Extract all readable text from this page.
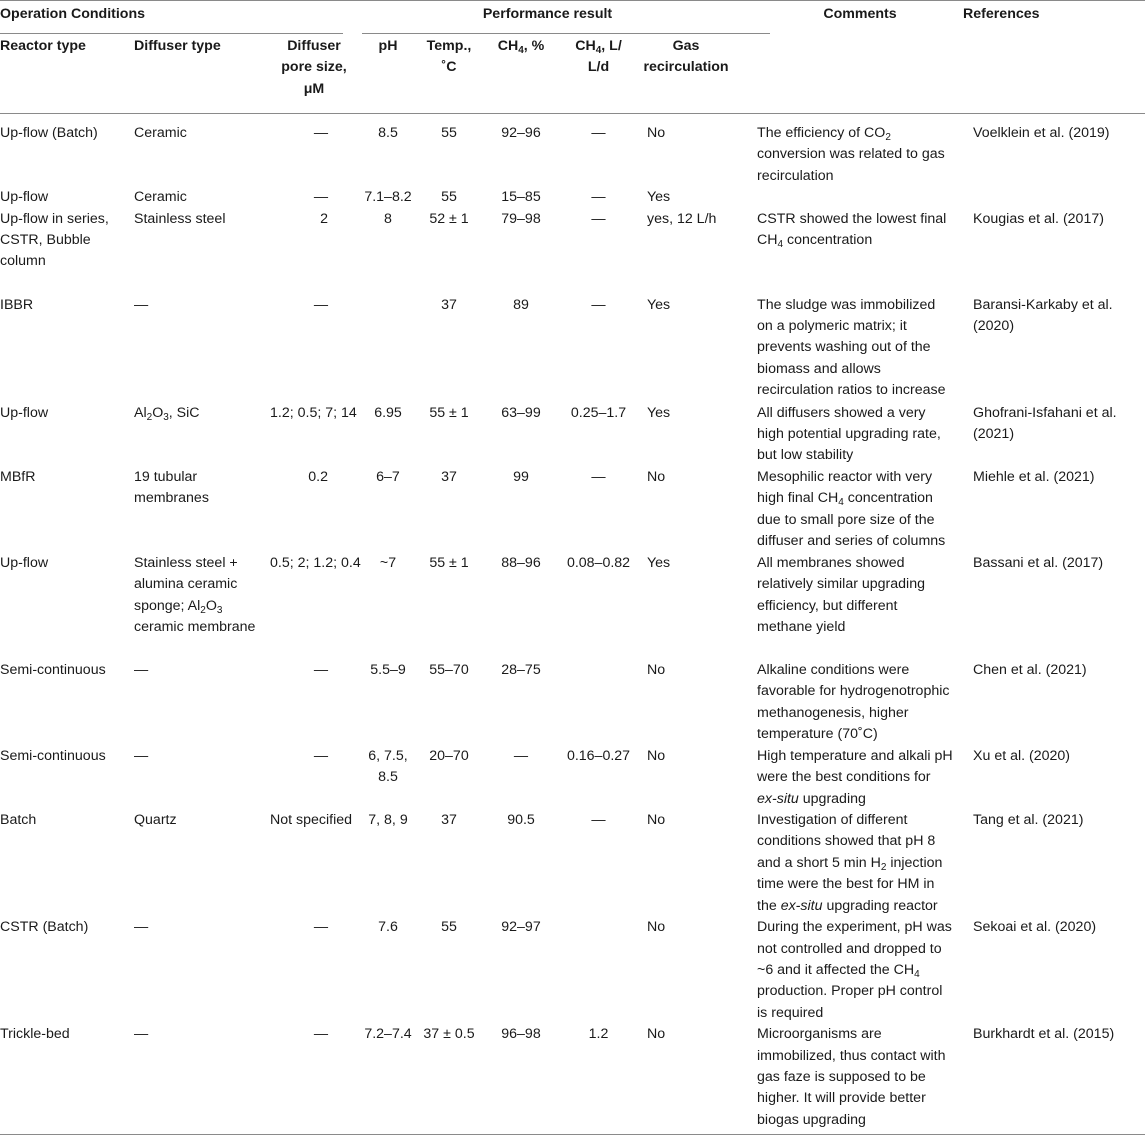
Operation Conditions			Performance result						Comments	References
Reactor type	Diffuser type	Diffuser pore size, μM	pH	Temp., ˚C	$CH_4$, %	$CH_4$, L/ L/d	Gas recirculation			
Up-flow (Batch)	Ceramic	—	8.5	55	92–96	—	No		The efficiency of $CO_2$ conversion was related to gas recirculation	Voelklein et al. (2019)
Up-flow	Ceramic	—	7.1–8.2	55	15–85	—	Yes			
Up-flow in series, CSTR, Bubble column	Stainless steel	2	8	52 ± 1	79–98	—	yes, 12 L/h		CSTR showed the lowest final $CH_4$ concentration	Kougias et al. (2017)
IBBR	—	—		37	89	—	Yes		The sludge was immobilized on a polymeric matrix; it prevents washing out of the biomass and allows recirculation ratios to increase	Baransi-Karkaby et al. (2020)
Up-flow	$Al_2O_3$, SiC	1.2; 0.5; 7; 14	6.95	55 ± 1	63–99	0.25–1.7	Yes		All diffusers showed a very high potential upgrading rate, but low stability	Ghofrani-Isfahani et al. (2021)
MBfR	19 tubular membranes	0.2	6–7	37	99	—	No		Mesophilic reactor with very high final $CH_4$ concentration due to small pore size of the diffuser and series of columns	Miehle et al. (2021)
Up-flow	Stainless steel + alumina ceramic sponge; $Al_2O_3$ ceramic membrane	0.5; 2; 1.2; 0.4	~7	55 ± 1	88–96	0.08–0.82	Yes		All membranes showed relatively similar upgrading efficiency, but different methane yield	Bassani et al. (2017)
Semi-continuous	—	—	5.5–9	55–70	28–75		No		Alkaline conditions were favorable for hydrogenotrophic methanogenesis, higher temperature (70˚C)	Chen et al. (2021)
Semi-continuous	—	—	6, 7.5, 8.5	20–70	—	0.16–0.27	No		High temperature and alkali pH were the best conditions for ex-situ upgrading	Xu et al. (2020)
Batch	Quartz	Not specified	7, 8, 9	37	90.5	—	No		Investigation of different conditions showed that pH 8 and a short 5 $\min H_2$ injection time were the best for HM in the ex-situ upgrading reactor	Tang et al. (2021)
CSTR (Batch)	—	—	7.6	55	92–97		No		During the experiment, pH was not controlled and dropped to ~6 and it affected the $CH_4$ production. Proper pH control is required	Sekoai et al. (2020)
Trickle-bed	—	—	7.2–7.4	37 ± 0.5	96–98	1.2	No		Microorganisms are immobilized, thus contact with gas faze is supposed to be higher. It will provide better biogas upgrading	Burkhardt et al. (2015)
